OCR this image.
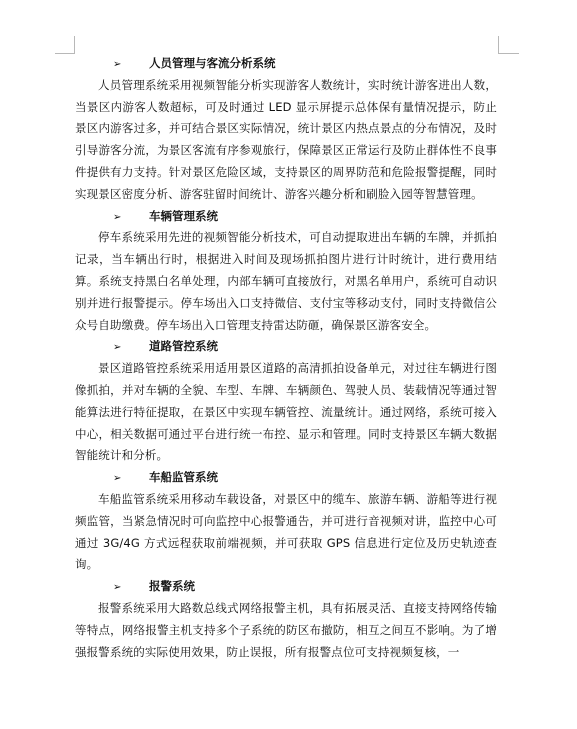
➢ 人员管理与客流分析系统

人员管理系统采用视频智能分析实现游客人数统计，实时统计游客进出人数，当景区内游客人数超标，可及时通过 LED 显示屏提示总体保有量情况提示，防止景区内游客过多，并可结合景区实际情况，统计景区内热点景点的分布情况，及时引导游客分流，为景区客流有序参观旅行，保障景区正常运行及防止群体性不良事件提供有力支持。针对景区危险区域，支持景区的周界防范和危险报警提醒，同时实现景区密度分析、游客驻留时间统计、游客兴趣分析和刷脸入园等智慧管理。

➢ 车辆管理系统

停车系统采用先进的视频智能分析技术，可自动提取进出车辆的车牌，并抓拍记录，当车辆出行时，根据进入时间及现场抓拍图片进行计时统计，进行费用结算。系统支持黑白名单处理，内部车辆可直接放行，对黑名单用户，系统可自动识别并进行报警提示。停车场出入口支持微信、支付宝等移动支付，同时支持微信公众号自助缴费。停车场出入口管理支持雷达防砸，确保景区游客安全。

➢ 道路管控系统

景区道路管控系统采用适用景区道路的高清抓拍设备单元，对过往车辆进行图像抓拍，并对车辆的全貌、车型、车牌、车辆颜色、驾驶人员、装载情况等通过智能算法进行特征提取，在景区中实现车辆管控、流量统计。通过网络，系统可接入中心，相关数据可通过平台进行统一布控、显示和管理。同时支持景区车辆大数据智能统计和分析。

➢ 车船监管系统

车船监管系统采用移动车载设备，对景区中的缆车、旅游车辆、游船等进行视频监管，当紧急情况时可向监控中心报警通告，并可进行音视频对讲，监控中心可通过 3G/4G 方式远程获取前端视频，并可获取 GPS 信息进行定位及历史轨迹查询。

➢ 报警系统

报警系统采用大路数总线式网络报警主机，具有拓展灵活、直接支持网络传输等特点，网络报警主机支持多个子系统的防区布撤防，相互之间互不影响。为了增强报警系统的实际使用效果，防止误报，所有报警点位可支持视频复核，一
